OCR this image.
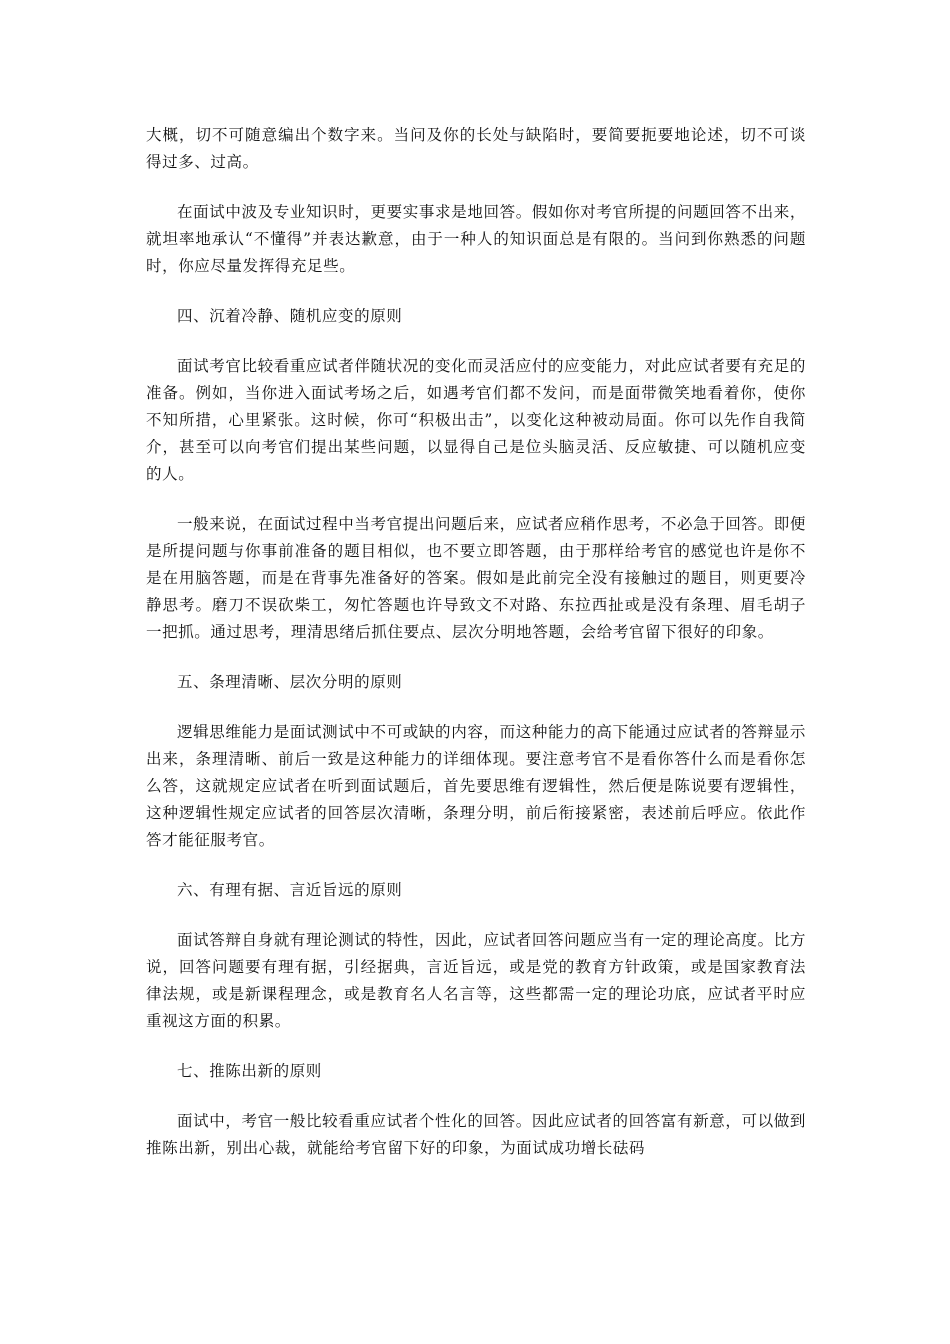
大概，切不可随意编出个数字来。当问及你的长处与缺陷时，要简要扼要地论述，切不可谈得过多、过高。

在面试中波及专业知识时，更要实事求是地回答。假如你对考官所提的问题回答不出来，就坦率地承认“不懂得”并表达歉意，由于一种人的知识面总是有限的。当问到你熟悉的问题时，你应尽量发挥得充足些。

四、沉着冷静、随机应变的原则

面试考官比较看重应试者伴随状况的变化而灵活应付的应变能力，对此应试者要有充足的准备。例如，当你进入面试考场之后，如遇考官们都不发问，而是面带微笑地看着你，使你不知所措，心里紧张。这时候，你可“积极出击”，以变化这种被动局面。你可以先作自我简介，甚至可以向考官们提出某些问题，以显得自己是位头脑灵活、反应敏捷、可以随机应变的人。

一般来说，在面试过程中当考官提出问题后来，应试者应稍作思考，不必急于回答。即便是所提问题与你事前准备的题目相似，也不要立即答题，由于那样给考官的感觉也许是你不是在用脑答题，而是在背事先准备好的答案。假如是此前完全没有接触过的题目，则更要冷静思考。磨刀不误砍柴工，匆忙答题也许导致文不对路、东拉西扯或是没有条理、眉毛胡子一把抓。通过思考，理清思绪后抓住要点、层次分明地答题，会给考官留下很好的印象。

五、条理清晰、层次分明的原则

逻辑思维能力是面试测试中不可或缺的内容，而这种能力的高下能通过应试者的答辩显示出来，条理清晰、前后一致是这种能力的详细体现。要注意考官不是看你答什么而是看你怎么答，这就规定应试者在听到面试题后，首先要思维有逻辑性，然后便是陈说要有逻辑性，这种逻辑性规定应试者的回答层次清晰，条理分明，前后衔接紧密，表述前后呼应。依此作答才能征服考官。

六、有理有据、言近旨远的原则

面试答辩自身就有理论测试的特性，因此，应试者回答问题应当有一定的理论高度。比方说，回答问题要有理有据，引经据典，言近旨远，或是党的教育方针政策，或是国家教育法律法规，或是新课程理念，或是教育名人名言等，这些都需一定的理论功底，应试者平时应重视这方面的积累。

七、推陈出新的原则

面试中，考官一般比较看重应试者个性化的回答。因此应试者的回答富有新意，可以做到推陈出新，别出心裁，就能给考官留下好的印象，为面试成功增长砝码
